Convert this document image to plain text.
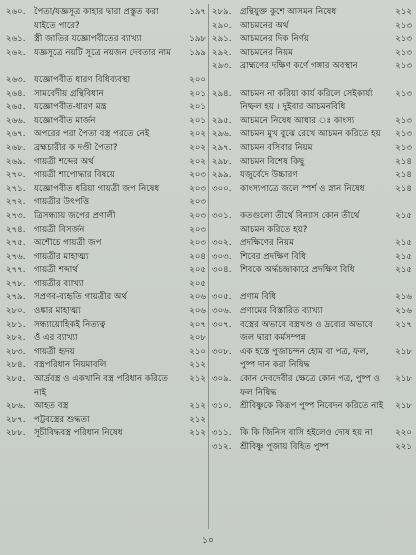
২৬০. পৈতা/যজ্ঞসূত্র কাহার দ্বারা প্রস্তুত করা যাইতে পারে?
১৯৭
২৬১. স্ত্রী জাতির যজ্ঞোপবীতের ব্যাখ্যা	১৯৮
২৬২. যজ্ঞসূত্রে নয়টি সূত্রে নয়জন দেবতার নাম	১৯৯
২৬৩. যজ্ঞোপবীত ধারণ বিধিব্যবস্থা	২০০
২৬৪. সামবেদীয় গ্রন্থিবিধান	২০১
২৬৫. যজ্ঞোপবীত-ধারণ মন্ত্র	২০১
২৬৬. যজ্ঞোপবীত মার্জন	২০১
২৬৭. অপরের পরা পৈতা বস্ত্র পরতে নেই	২০২
২৬৮. ব্রহ্মচারীর ক দণ্ডী পৈতা?	২০২
২৬৯. গায়ত্রী শব্দের অর্থ	২০২
২৭০. গায়ত্রী শাপোদ্ধার বিষয়ে	২০৩
২৭১. যজ্ঞোপবীত ধরিয়া গায়ত্রী জপ নিষেধ	২০৩
২৭২. গায়ত্রীর উৎপত্তি	২০৩
২৭৩. ত্রিসন্ধ্যায় জপের প্রণালী	২০৩
২৭৪. গায়ত্রী বিসর্জন	২০৩
২৭৫. অশৌচে গায়ত্রী জপ	২০৩
২৭৬. গায়ত্রীর মাহাত্ম্য	২০৪
২৭৭. গায়ত্রী শব্দার্থ	২০৫
২৭৮. গায়ত্রীর ব্যাখ্যা	২০৫
২৭৯. সপ্রণব-ব্যহৃতি গায়ত্রীর অর্থ	২০৬
২৮০. ওঙ্কার মাহাত্ম্য	২০৬
২৮১. সন্ধ্যায়োহিকই নিত্যত্ব	২০৭
২৮২. ওঁ এর ব্যাখ্যা	২০৮
২৮৩. গায়ত্রী হৃদয়	২১০
২৮৪. বস্ত্রপরিধান নিয়মাবলি	২১২
২৮৫. আর্দ্রবস্ত্র ও একখানি বস্ত্র পরিধান করিতে নাই
২১২
২৮৬. আহত বস্ত্র	২১২
২৮৭. পট্টবস্ত্রের শুদ্ধতা	২১২
২৮৮. সূচীবিদ্ধবস্ত্র পরিধান নিষেধ	২১২
২৮৯. গ্রন্থিযুক্ত কুশে আসমন নিষেধ	২১২
২৯০. আচমনের অর্থ	২১৩
২৯১. আচমনের দিক নির্ণয়	২১৩
২৯২. আচমনের নিয়ম	২১৩
২৯৩. ব্রাহ্মণের দক্ষিণ কর্ণে গঙ্গার অবস্থান	২১৩
২৯৪. আচমন না করিয়া কার্য করিলে সেইকার্য্য নিষ্ফল হয় । দুইবার আচমনবিধি
২১৩
২৯৫. আচমনে নিষেধ আধার ঃ কাংস্য	২১৩
২৯৬. আচমন মুখ বুঝে রেখে আচমন করিতে হয়	২১৩
২৯৭. আচমন বসিবার নিয়ম	২১৩
২৯৮. আচমন বিশেষ কিছু	২১৪
২৯৯. যজুর্বেদে উচ্চারণ	২১৪
৩০০. কাংস্যপাত্রে জলে স্পর্শ ও স্নান নিষেধ	২১৪
৩০১. কতগুলো তীর্থে বিন্যাস কোন তীর্থে আচমন করিতে হয়?
২১৫
৩০২. প্রদক্ষিণের নিয়ম	২১৫
৩০৩. শিবের প্রদক্ষিণ বিধি	২১৫
৩০৪. শিবকে অর্দ্ধচন্দ্রাকারে প্রদক্ষিণ বিধি	২১৫
৩০৫. প্রণাম বিধি	২১৬
৩০৬. প্রণামের বিস্তারিত ব্যাখ্যা	২১৬
৩০৭. বস্ত্রের অভাবে বস্ত্রখণ্ড ও দ্রব্যের অভাবে জল দ্বারা কর্মসম্পন্ন
২১৭
৩০৮. এক হস্তে পুজাচন্দন হোম বা পত্র, ফল, পুষ্প দান করা নিষিদ্ধ
২১৮
৩০৯. কোন দেবদেবীর ক্ষেত্রে কোন পত্র, পুষ্প ও ফল নিষিদ্ধ
২১৮
৩১০. শ্রীবিষ্ণুকে কিরূপ পুষ্প নিবেদন করিতে নাই	২১৮
৩১১. কি কি জিনিস বাসি হইলেও দোষ হয় না	২২০
৩১২. শ্রীবিষ্ণু পূজায় বিহিত পুষ্প	২২১
১০
